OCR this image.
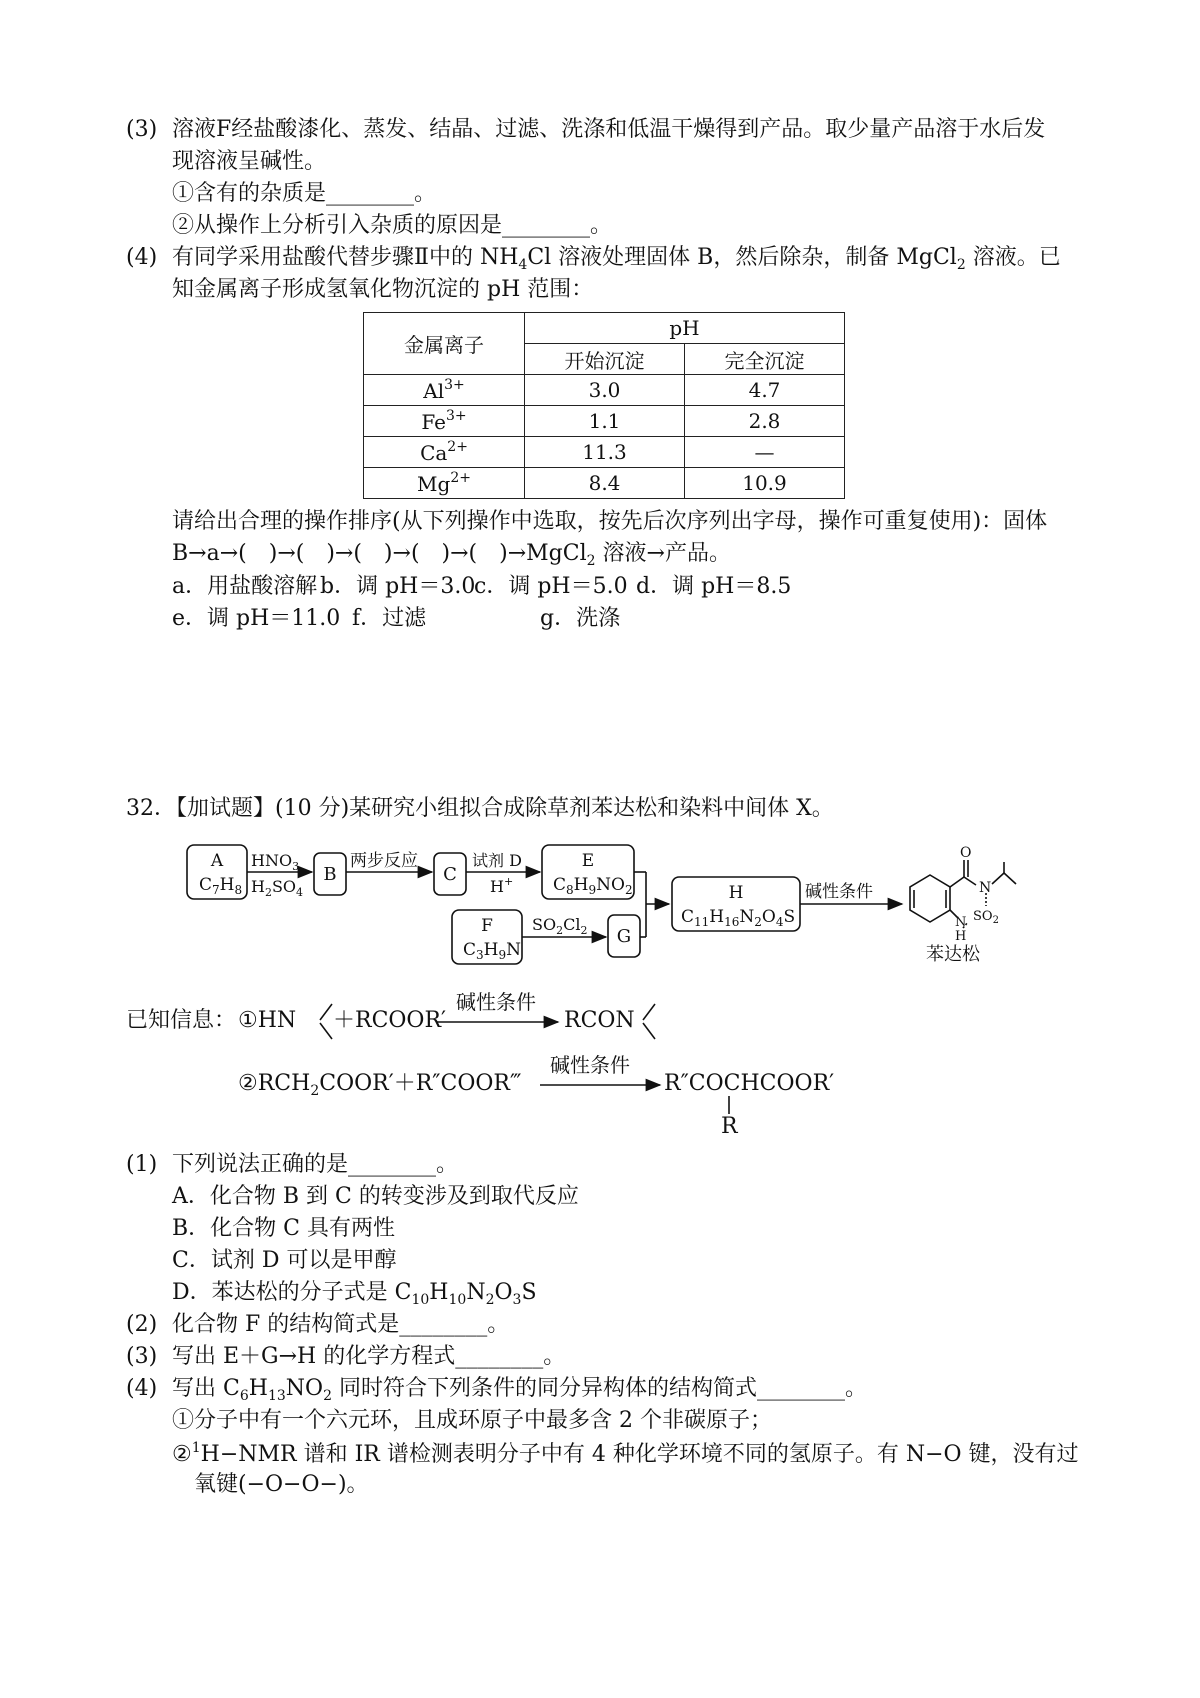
(3) 溶液F经盐酸漆化、蒸发、结晶、过滤、洗涤和低温干燥得到产品。取少量产品溶于水后发
现溶液呈碱性。
①含有的杂质是________。
②从操作上分析引入杂质的原因是________。
(4) 有同学采用盐酸代替步骤Ⅱ中的 $NH_4Cl$ 溶液处理固体 B，然后除杂，制备 MgCl$_2$ 溶液。已
知金属离子形成氢氧化物沉淀的 pH 范围：
金属离子	pH	
	开始沉淀	完全沉淀
$Al^{3+}$	3.0	4.7
$Fe^{3+}$	1.1	2.8
$Ca^{2+}$	11.3	—
$Mg^{2+}$	8.4	10.9
请给出合理的操作排序(从下列操作中选取，按先后次序列出字母，操作可重复使用)：固体
B→a→(　)→(　)→(　)→(　)→(　)→MgCl$_2$ 溶液→产品。
a．用盐酸溶解 b．调 pH＝3.0
c．调 pH＝5.0 d．调 pH＝8.5
e．调 pH＝11.0 f．过滤	g．洗涤
32．【加试题】(10 分)某研究小组拟合成除草剂苯达松和染料中间体 X。
A
$C_7H_8$
$HNO_3$
$H_2SO_4$
B
两步反应
C
试剂 D
H+
E
$C_8H_9NO_2$
F
$C_3H_9N$
$SO_2Cl_2$ G
H
$C_{11}H_{16}N_2O_4S$
碱性条件
O
N
N
H
$SO_2$
苯达松
已知信息： ①HN ＋RCOOR′
碱性条件
RCON
$②RCH_2COOR'+R''COOR‴$
碱性条件
R″COCHCOOR′
R
(1) 下列说法正确的是________。
A．化合物 B 到 C 的转变涉及到取代反应
B．化合物 C 具有两性
C．试剂 D 可以是甲醇
D．苯达松的分子式是 $C_{10}H_{10}N_2O_3S$
(2) 化合物 F 的结构简式是________。
(3) 写出 E＋G→H 的化学方程式________。
(4) 写出 $C_6H_{13}NO_2$ 同时符合下列条件的同分异构体的结构简式________。
①分子中有一个六元环，且成环原子中最多含 2 个非碳原子；
②$^1$H−NMR 谱和 IR 谱检测表明分子中有 4 种化学环境不同的氢原子。有 N−O 键，没有过
氧键(−O−O−)。
